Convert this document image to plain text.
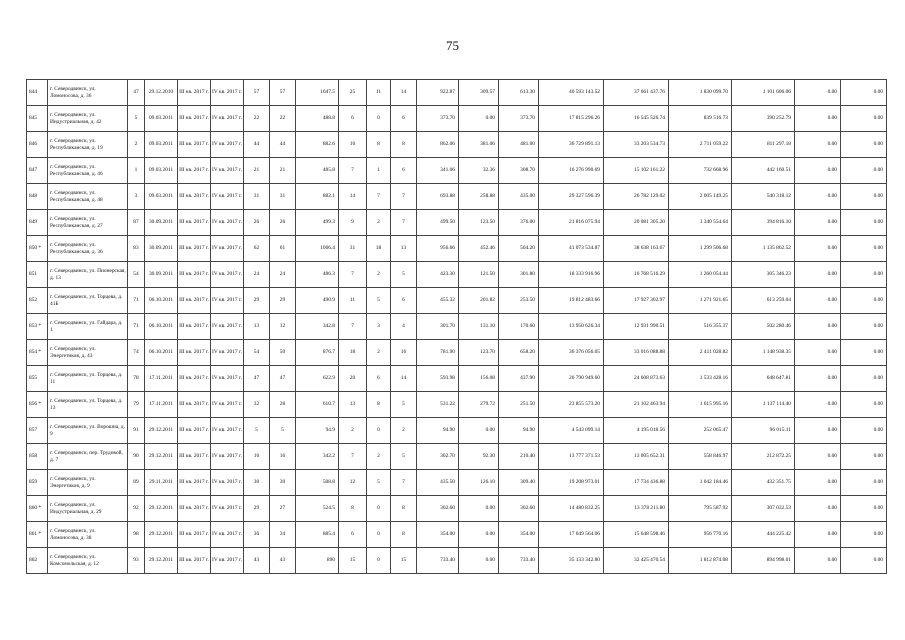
75
844	г. Северодвинск, ул. Ломоносова, д. 36	47	29.12.2010	III кв. 2017 г.	IV кв. 2017 г.	57	57	1047.5	25	11	14	922.87	309.57	613.30	40 593 143.52	37 661 437.76	1 830 099.70	1 101 606.06	0.00	0.00
845	г. Северодвинск, ул. Индустриальная, д. 42	5	09.03.2011	III кв. 2017 г.	IV кв. 2017 г.	22	22	488.8	6	0	6	373.70	0.00	373.70	17 815 296.26	16 545 526.74	839 516.73	390 252.79	0.00	0.00
846	г. Северодвинск, ул. Республиканская, д. 19	2	09.03.2011	III кв. 2017 г.	IV кв. 2017 г.	44	44	882.6	16	8	8	862.06	381.06	481.00	36 729 891.13	33 203 534.73	2 711 059.22	811 297.18	0.00	0.00
847	г. Северодвинск, ул. Республиканская, д. 46	1	09.03.2011	III кв. 2017 г.	IV кв. 2017 г.	21	21	485.8	7	1	6	341.06	32.36	308.70	16 276 990.69	15 102 161.22	732 668.96	442 160.51	0.00	0.00
848	г. Северодвинск, ул. Республиканская, д. 48	3	09.03.2011	III кв. 2017 г.	IV кв. 2017 г.	31	31	882.1	14	7	7	693.88	258.88	435.00	29 327 596.39	26 782 129.02	2 005 149.25	540 318.12	0.00	0.00
849	г. Северодвинск, ул. Республиканская, д. 27	87	30.09.2011	III кв. 2017 г.	IV кв. 2017 г.	26	26	499.3	9	2	7	499.50	123.50	376.00	21 816 075.94	20 081 305.20	1 340 554.64	394 816.10	0.00	0.00
850 *	г. Северодвинск, ул. Республиканская, д. 36	83	30.09.2011	III кв. 2017 г.	IV кв. 2017 г.	62	61	1006.4	31	18	13	956.66	452.46	504.20	41 073 534.87	38 638 163.67	1 299 506.68	1 135 862.52	0.00	0.00
851	г. Северодвинск, ул. Пионерская, д. 13	54	30.09.2011	III кв. 2017 г.	IV кв. 2017 г.	24	24	486.3	7	2	5	423.30	121.50	301.80	18 333 916.96	16 768 516.29	1 260 054.44	305 346.23	0.00	0.00
852	г. Северодвинск, ул. Торцева, д. 41Б	71	06.10.2011	III кв. 2017 г.	IV кв. 2017 г.	29	29	490.9	11	5	6	455.32	201.82	253.50	19 812 483.66	17 927 302.97	1 271 921.65	613 259.04	0.00	0.00
853 *	г. Северодвинск, ул. Гайдара, д. 1	71	06.10.2011	III кв. 2017 г.	IV кв. 2017 г.	13	12	342.8	7	3	4	301.70	131.10	170.60	13 950 626.34	12 931 990.51	516 355.37	502 280.46	0.00	0.00
854 *	г. Северодвинск, ул. Энергетиков, д. 43	74	06.10.2011	III кв. 2017 г.	IV кв. 2017 г.	54	50	876.7	18	2	16	781.90	123.70	658.20	36 376 056.05	33 016 088.88	2 411 028.82	1 148 938.35	0.00	0.00
855	г. Северодвинск, ул. Торцева, д. 11	78	17.11.2011	III кв. 2017 г.	IV кв. 2017 г.	47	47	622.9	20	6	14	593.98	156.08	437.90	26 790 949.60	24 608 873.63	1 533 428.16	648 647.81	0.00	0.00
856 *	г. Северодвинск, ул. Торцева, д. 13	79	17.11.2011	III кв. 2017 г.	IV кв. 2017 г.	32	28	610.7	13	8	5	531.22	279.72	251.50	23 855 573.20	21 102 463.94	1 615 995.16	1 137 114.40	0.00	0.00
857	г. Северодвинск, ул. Ворошна, д. 9	91	29.12.2011	III кв. 2017 г.	IV кв. 2017 г.	5	5	94.9	2	0	2	94.90	0.00	94.90	4 543 099.14	4 195 018.56	252 065.47	96 015.11	0.00	0.00
858	г. Северодвинск, пер. Трудовой, д. 7	90	29.12.2011	III кв. 2017 г.	IV кв. 2017 г.	16	16	342.2	7	2	5	302.70	92.30	210.40	13 777 371.53	13 005 652.31	558 846.97	212 872.25	0.00	0.00
859	г. Северодвинск, ул. Энергетиков, д. 9	89	29.11.2011	III кв. 2017 г.	IV кв. 2017 г.	30	30	508.8	12	5	7	435.50	126.10	309.40	19 208 973.01	17 734 436.88	1 042 184.46	432 351.75	0.00	0.00
860 *	г. Северодвинск, ул. Индустриальная, д. 29	92	29.12.2011	III кв. 2017 г.	IV кв. 2017 г.	29	27	524.5	8	0	8	302.60	0.00	302.60	14 480 832.25	13 378 211.80	795 587.92	307 032.53	0.00	0.00
861 *	г. Северодвинск, ул. Ломоносова, д. 38	98	29.12.2011	III кв. 2017 г.	IV кв. 2017 г.	36	34	885.4	6	0	8	354.00	0.00	354.00	17 049 564.06	15 648 598.46	956 770.16	444 225.42	0.00	0.00
862	г. Северодвинск, ул. Комсомольская, д. 12	93	29.12.2011	III кв. 2017 г.	IV кв. 2017 г.	43	43	890	15	0	15	733.40	0.00	733.40	35 133 342.80	32 425 470.54	1 812 874.08	894 998.01	0.00	0.00
